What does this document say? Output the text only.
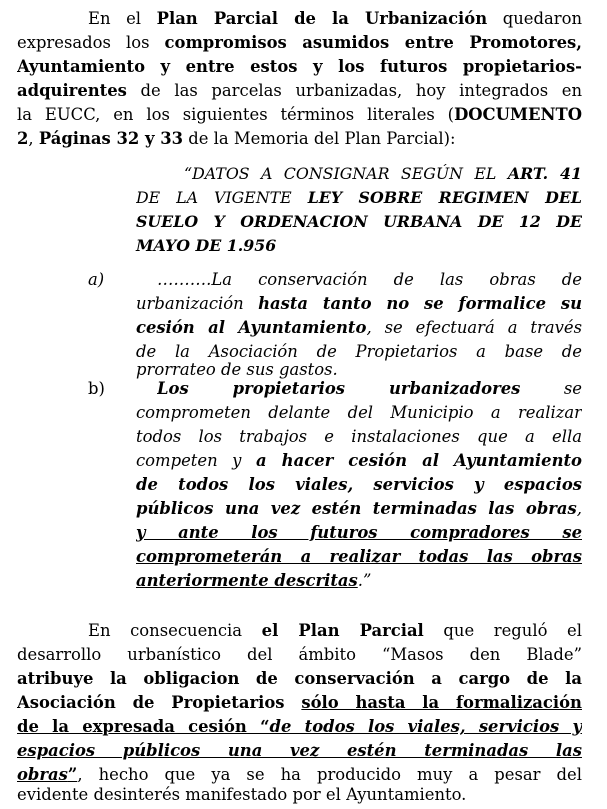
En el Plan Parcial de la Urbanización quedaron
expresados los compromisos asumidos entre Promotores,
Ayuntamiento y entre estos y los futuros propietarios-
adquirentes de las parcelas urbanizadas, hoy integrados en
la EUCC, en los siguientes términos literales (DOCUMENTO
2, Páginas 32 y 33 de la Memoria del Plan Parcial):
“DATOS A CONSIGNAR SEGÚN EL ART. 41
DE LA VIGENTE LEY SOBRE REGIMEN DEL
SUELO Y ORDENACION URBANA DE 12 DE
MAYO DE 1.956
a)	……….La conservación de las obras de
urbanización hasta tanto no se formalice su
cesión al Ayuntamiento, se efectuará a través
de la Asociación de Propietarios a base de
prorrateo de sus gastos.
b)	Los propietarios urbanizadores se
comprometen delante del Municipio a realizar
todos los trabajos e instalaciones que a ella
competen y a hacer cesión al Ayuntamiento
de todos los viales, servicios y espacios
públicos una vez estén terminadas las obras,
y ante los futuros compradores se
comprometerán a realizar todas las obras
anteriormente descritas.”
En consecuencia el Plan Parcial que reguló el
desarrollo urbanístico del ámbito “Masos den Blade”
atribuye la obligacion de conservación a cargo de la
Asociación de Propietarios sólo hasta la formalización
de la expresada cesión “de todos los viales, servicios y
espacios públicos una vez estén terminadas las
obras”, hecho que ya se ha producido muy a pesar del
evidente desinterés manifestado por el Ayuntamiento.
